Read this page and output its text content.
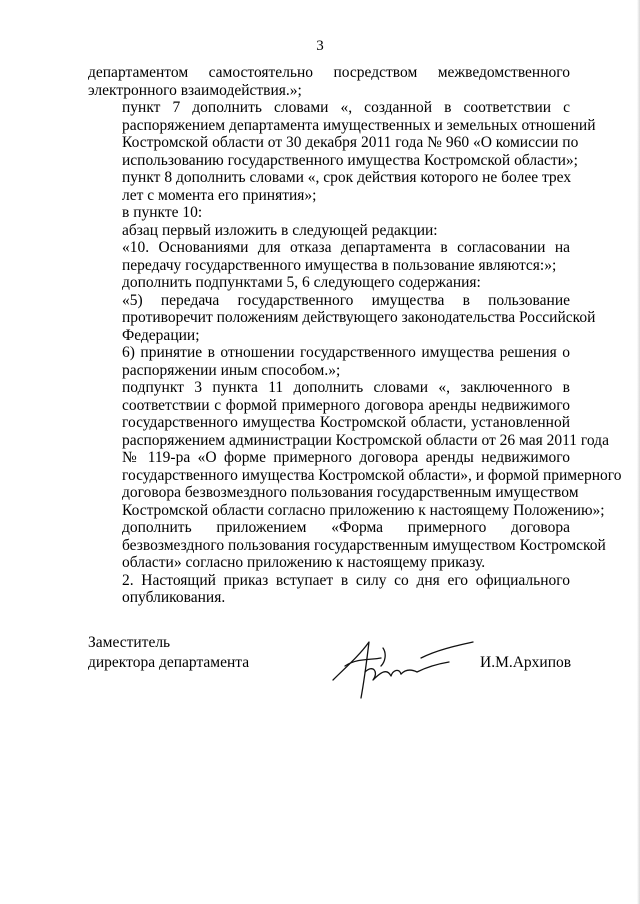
3

департаментом самостоятельно посредством межведомственного
электронного взаимодействия.»;

пункт 7 дополнить словами «, созданной в соответствии с
распоряжением департамента имущественных и земельных отношений
Костромской области от 30 декабря 2011 года № 960 «О комиссии по
использованию государственного имущества Костромской области»;

пункт 8 дополнить словами «, срок действия которого не более трех
лет с момента его принятия»;

в пункте 10:

абзац первый изложить в следующей редакции:

«10. Основаниями для отказа департамента в согласовании на
передачу государственного имущества в пользование являются:»;

дополнить подпунктами 5, 6 следующего содержания:

«5) передача государственного имущества в пользование
противоречит положениям действующего законодательства Российской
Федерации;

6) принятие в отношении государственного имущества решения о
распоряжении иным способом.»;

подпункт 3 пункта 11 дополнить словами «, заключенного в
соответствии с формой примерного договора аренды недвижимого
государственного имущества Костромской области, установленной
распоряжением администрации Костромской области от 26 мая 2011 года
№ 119-ра «О форме примерного договора аренды недвижимого
государственного имущества Костромской области», и формой примерного
договора безвозмездного пользования государственным имуществом
Костромской области согласно приложению к настоящему Положению»;

дополнить приложением «Форма примерного договора
безвозмездного пользования государственным имуществом Костромской
области» согласно приложению к настоящему приказу.

2. Настоящий приказ вступает в силу со дня его официального
опубликования.

Заместитель
директора департамента	И.М.Архипов
